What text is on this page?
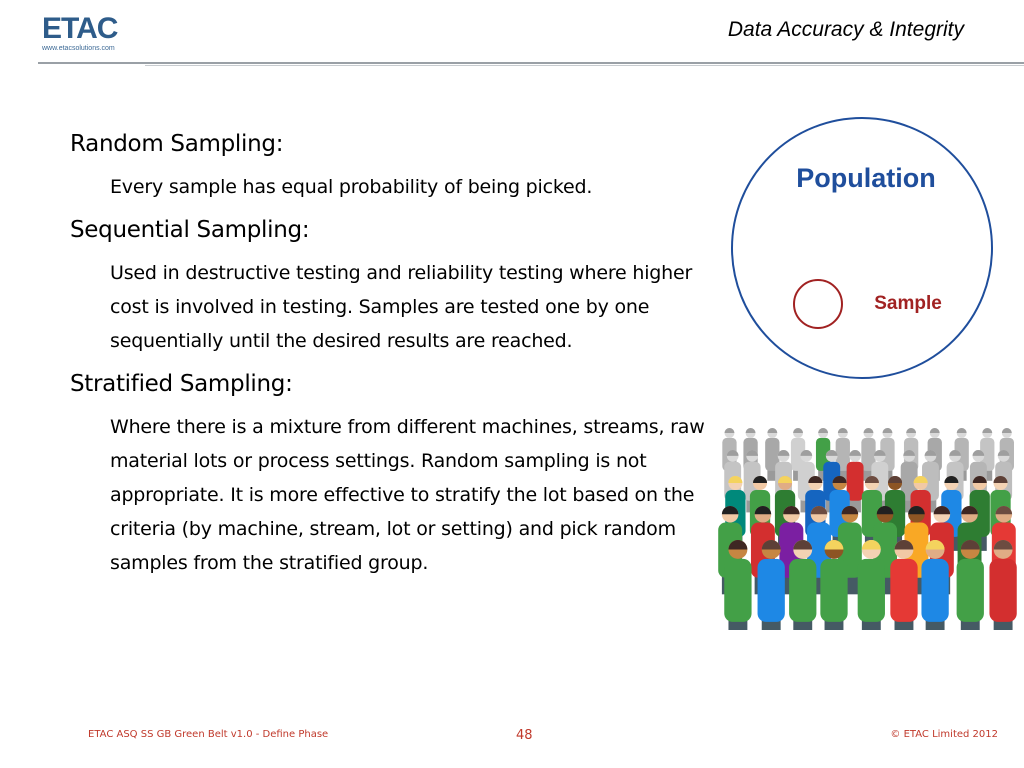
ETAC
www.etacsolutions.com
Data Accuracy & Integrity
Random Sampling:
Every sample has equal probability of being picked.
Sequential Sampling:
Used in destructive testing and reliability testing where higher cost is involved in testing. Samples are tested one by one sequentially until the desired results are reached.
Stratified Sampling:
Where there is a mixture from different machines, streams, raw material lots or process settings. Random sampling is not appropriate. It is more effective to stratify the lot based on the criteria (by machine, stream, lot or setting) and pick random samples from the stratified group.
Population
Sample
ETAC ASQ SS GB Green Belt v1.0 - Define Phase	48	© ETAC Limited 2012
